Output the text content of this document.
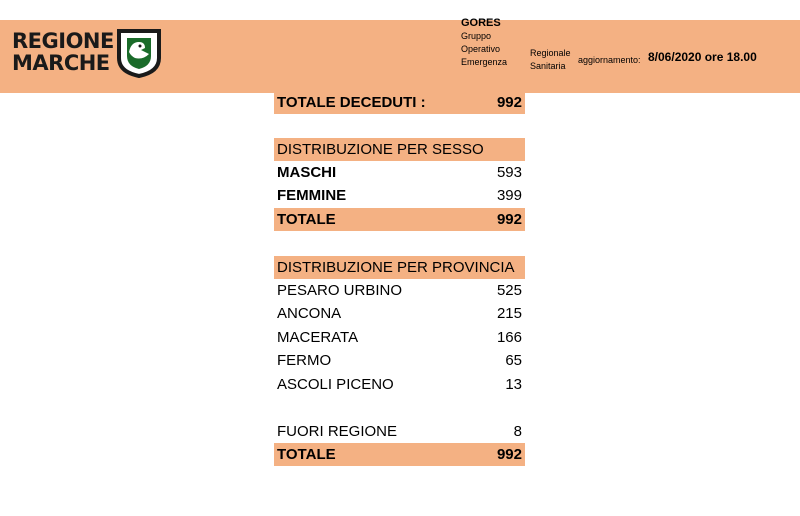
REGIONE
MARCHE
GORES
Gruppo
Operativo
Emergenza
Regionale
Sanitaria
aggiornamento: 8/06/2020 ore 18.00
TOTALE DECEDUTI :	992
DISTRIBUZIONE PER SESSO
MASCHI	593
FEMMINE	399
TOTALE	992
DISTRIBUZIONE PER PROVINCIA
PESARO URBINO	525
ANCONA	215
MACERATA	166
FERMO	65
ASCOLI PICENO	13
FUORI REGIONE	8
TOTALE	992
